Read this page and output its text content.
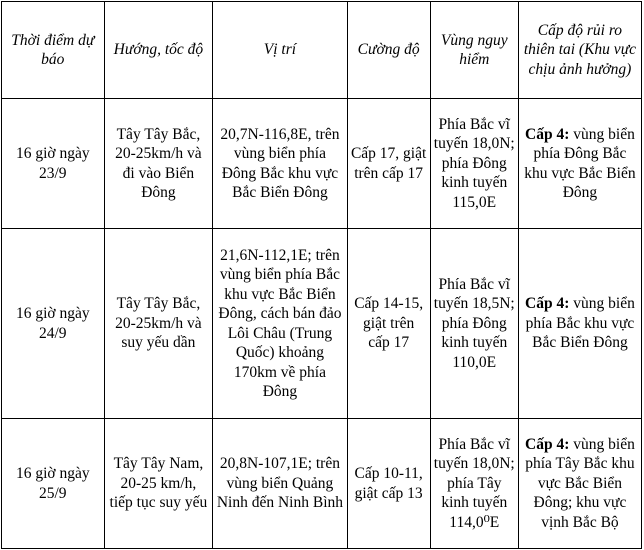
Thời điểm dự báo	Hướng, tốc độ	Vị trí	Cường độ	Vùng nguy hiểm	Cấp độ rủi ro thiên tai (Khu vực chịu ảnh hưởng)
16 giờ ngày 23/9	Tây Tây Bắc, 20-25km/h và đi vào Biển Đông	20,7N-116,8E, trên vùng biển phía Đông Bắc khu vực Bắc Biển Đông	Cấp 17, giật trên cấp 17	Phía Bắc vĩ tuyến 18,0N; phía Đông kinh tuyến 115,0E	Cấp 4: vùng biển phía Đông Bắc khu vực Bắc Biển Đông
16 giờ ngày 24/9	Tây Tây Bắc, 20-25km/h và suy yếu dần	21,6N-112,1E; trên vùng biển phía Bắc khu vực Bắc Biển Đông, cách bán đảo Lôi Châu (Trung Quốc) khoảng 170km về phía Đông	Cấp 14-15, giật trên cấp 17	Phía Bắc vĩ tuyến 18,5N; phía Đông kinh tuyến 110,0E	Cấp 4: vùng biển phía Bắc khu vực Bắc Biển Đông
16 giờ ngày 25/9	Tây Tây Nam, 20-25 km/h, tiếp tục suy yếu	20,8N-107,1E; trên vùng biển Quảng Ninh đến Ninh Bình	Cấp 10-11, giật cấp 13	Phía Bắc vĩ tuyến 18,0N; phía Tây kinh tuyến 114,0⁰E	Cấp 4: vùng biển phía Tây Bắc khu vực Bắc Biển Đông; khu vực vịnh Bắc Bộ
